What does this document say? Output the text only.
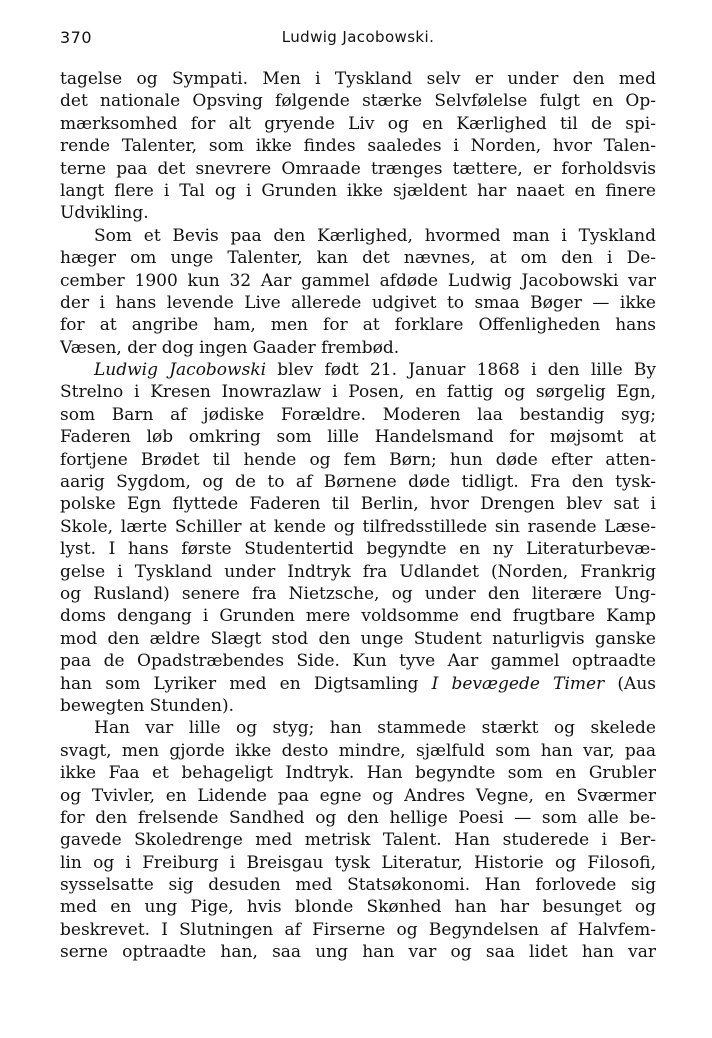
370	Ludwig Jacobowski.
tagelse og Sympati. Men i Tyskland selv er under den med
det nationale Opsving følgende stærke Selvfølelse fulgt en Op-
mærksomhed for alt gryende Liv og en Kærlighed til de spi-
rende Talenter, som ikke findes saaledes i Norden, hvor Talen-
terne paa det snevrere Omraade trænges tættere, er forholdsvis
langt flere i Tal og i Grunden ikke sjældent har naaet en finere
Udvikling.
Som et Bevis paa den Kærlighed, hvormed man i Tyskland
hæger om unge Talenter, kan det nævnes, at om den i De-
cember 1900 kun 32 Aar gammel afdøde Ludwig Jacobowski var
der i hans levende Live allerede udgivet to smaa Bøger — ikke
for at angribe ham, men for at forklare Offenligheden hans
Væsen, der dog ingen Gaader frembød.
Ludwig Jacobowski blev født 21. Januar 1868 i den lille By
Strelno i Kresen Inowrazlaw i Posen, en fattig og sørgelig Egn,
som Barn af jødiske Forældre. Moderen laa bestandig syg;
Faderen løb omkring som lille Handelsmand for møjsomt at
fortjene Brødet til hende og fem Børn; hun døde efter atten-
aarig Sygdom, og de to af Børnene døde tidligt. Fra den tysk-
polske Egn flyttede Faderen til Berlin, hvor Drengen blev sat i
Skole, lærte Schiller at kende og tilfredsstillede sin rasende Læse-
lyst. I hans første Studentertid begyndte en ny Literaturbevæ-
gelse i Tyskland under Indtryk fra Udlandet (Norden, Frankrig
og Rusland) senere fra Nietzsche, og under den literære Ung-
doms dengang i Grunden mere voldsomme end frugtbare Kamp
mod den ældre Slægt stod den unge Student naturligvis ganske
paa de Opadstræbendes Side. Kun tyve Aar gammel optraadte
han som Lyriker med en Digtsamling I bevægede Timer (Aus
bewegten Stunden).
Han var lille og styg; han stammede stærkt og skelede
svagt, men gjorde ikke desto mindre, sjælfuld som han var, paa
ikke Faa et behageligt Indtryk. Han begyndte som en Grubler
og Tvivler, en Lidende paa egne og Andres Vegne, en Sværmer
for den frelsende Sandhed og den hellige Poesi — som alle be-
gavede Skoledrenge med metrisk Talent. Han studerede i Ber-
lin og i Freiburg i Breisgau tysk Literatur, Historie og Filosofi,
sysselsatte sig desuden med Statsøkonomi. Han forlovede sig
med en ung Pige, hvis blonde Skønhed han har besunget og
beskrevet. I Slutningen af Firserne og Begyndelsen af Halvfem-
serne optraadte han, saa ung han var og saa lidet han var
